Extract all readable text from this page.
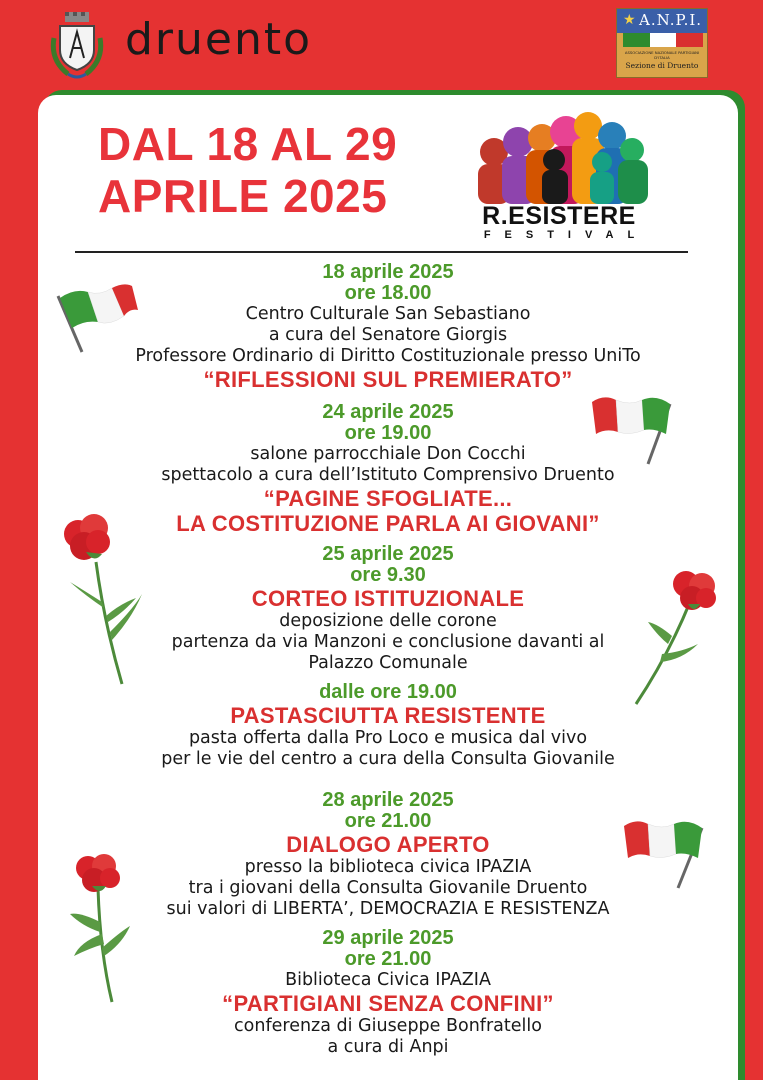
druento	★ A.N.P.I.
ASSOCIAZIONE NAZIONALE PARTIGIANI D'ITALIA
Sezione di Druento
DAL 18 AL 29
APRILE 2025	R.ESISTERE
FESTIVAL
18 aprile 2025
ore 18.00
Centro Culturale San Sebastiano
a cura del Senatore Giorgis
Professore Ordinario di Diritto Costituzionale presso UniTo
“RIFLESSIONI SUL PREMIERATO”
24 aprile 2025
ore 19.00
salone parrocchiale Don Cocchi
spettacolo a cura dell’Istituto Comprensivo Druento
“PAGINE SFOGLIATE...
LA COSTITUZIONE PARLA AI GIOVANI”
25 aprile 2025
ore 9.30
CORTEO ISTITUZIONALE
deposizione delle corone
partenza da via Manzoni e conclusione davanti al
Palazzo Comunale
dalle ore 19.00
PASTASCIUTTA RESISTENTE
pasta offerta dalla Pro Loco e musica dal vivo
per le vie del centro a cura della Consulta Giovanile
28 aprile 2025
ore 21.00
DIALOGO APERTO
presso la biblioteca civica IPAZIA
tra i giovani della Consulta Giovanile Druento
sui valori di LIBERTA’, DEMOCRAZIA E RESISTENZA
29 aprile 2025
ore 21.00
Biblioteca Civica IPAZIA
“PARTIGIANI SENZA CONFINI”
conferenza di Giuseppe Bonfratello
a cura di Anpi
